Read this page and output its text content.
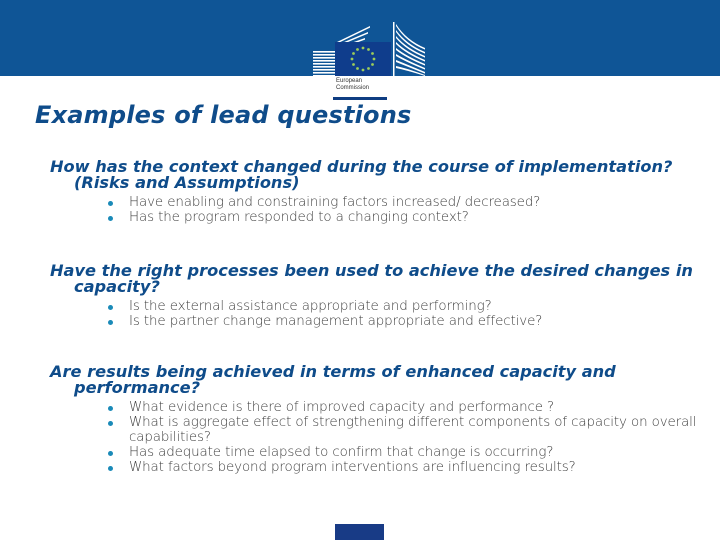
European
Commission
Examples of lead questions

How has the context changed during the course of implementation? (Risks and Assumptions)

Have enabling and constraining factors increased/ decreased?
Has the program responded to a changing context?

Have the right processes been used to achieve the desired changes in capacity?

Is the external assistance appropriate and performing?
Is the partner change management appropriate and effective?

Are results being achieved in terms of enhanced capacity and performance?

What evidence is there of improved capacity and performance ?
What is aggregate effect of strengthening different components of capacity on overall capabilities?
Has adequate time elapsed to confirm that change is occurring?
What factors beyond program interventions are influencing results?
